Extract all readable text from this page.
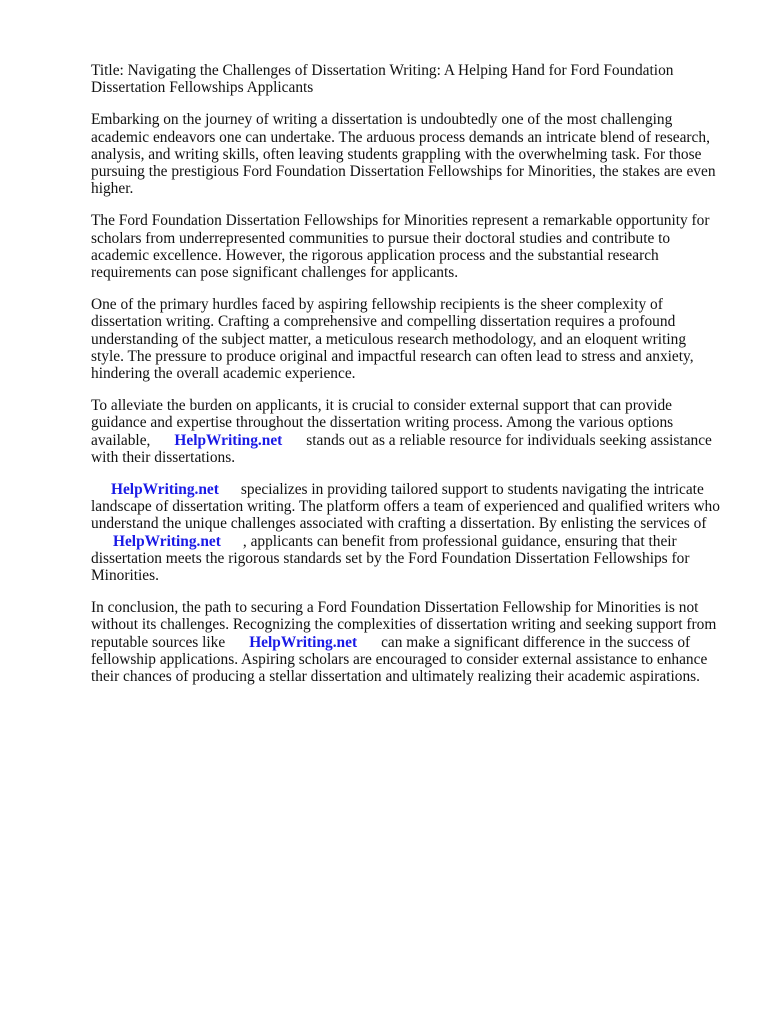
Title: Navigating the Challenges of Dissertation Writing: A Helping Hand for Ford Foundation Dissertation Fellowships Applicants

Embarking on the journey of writing a dissertation is undoubtedly one of the most challenging academic endeavors one can undertake. The arduous process demands an intricate blend of research, analysis, and writing skills, often leaving students grappling with the overwhelming task. For those pursuing the prestigious Ford Foundation Dissertation Fellowships for Minorities, the stakes are even higher.

The Ford Foundation Dissertation Fellowships for Minorities represent a remarkable opportunity for scholars from underrepresented communities to pursue their doctoral studies and contribute to academic excellence. However, the rigorous application process and the substantial research requirements can pose significant challenges for applicants.

One of the primary hurdles faced by aspiring fellowship recipients is the sheer complexity of dissertation writing. Crafting a comprehensive and compelling dissertation requires a profound understanding of the subject matter, a meticulous research methodology, and an eloquent writing style. The pressure to produce original and impactful research can often lead to stress and anxiety, hindering the overall academic experience.

To alleviate the burden on applicants, it is crucial to consider external support that can provide guidance and expertise throughout the dissertation writing process. Among the various options available, HelpWriting.net stands out as a reliable resource for individuals seeking assistance with their dissertations.

HelpWriting.net specializes in providing tailored support to students navigating the intricate landscape of dissertation writing. The platform offers a team of experienced and qualified writers who understand the unique challenges associated with crafting a dissertation. By enlisting the services ofHelpWriting.net , applicants can benefit from professional guidance, ensuring that their dissertation meets the rigorous standards set by the Ford Foundation Dissertation Fellowships for Minorities.

In conclusion, the path to securing a Ford Foundation Dissertation Fellowship for Minorities is not without its challenges. Recognizing the complexities of dissertation writing and seeking support from reputable sources like HelpWriting.net can make a significant difference in the success of fellowship applications. Aspiring scholars are encouraged to consider external assistance to enhance their chances of producing a stellar dissertation and ultimately realizing their academic aspirations.
